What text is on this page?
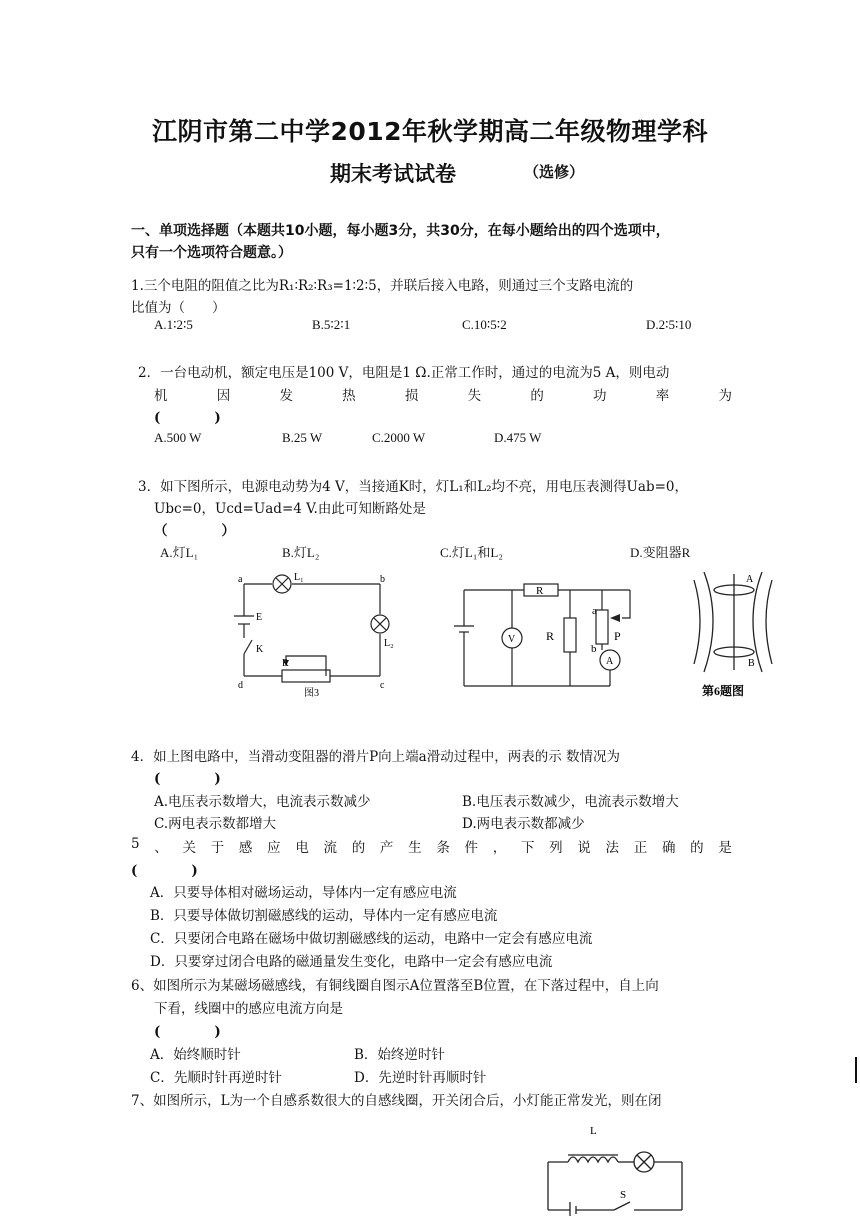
江阴市第二中学2012年秋学期高二年级物理学科
期末考试试卷	（选修）
一、单项选择题（本题共10小题，每小题3分，共30分，在每小题给出的四个选项中，
只有一个选项符合题意。）
1.三个电阻的阻值之比为R₁∶R₂∶R₃=1∶2∶5，并联后接入电路，则通过三个支路电流的
比值为（　　）
A.1∶2∶5	B.5∶2∶1	C.10∶5∶2	D.2∶5∶10
2．一台电动机，额定电压是100 V，电阻是1 Ω.正常工作时，通过的电流为5 A，则电动
机	因	发	热	损	失	的	功	率	为
(　　　　)
A.500 W	B.25 W	C.2000 W	D.475 W
3．如下图所示，电源电动势为4 V，当接通K时，灯L₁和L₂均不亮，用电压表测得Uab=0，
Ubc=0，Ucd=Uad=4 V.由此可知断路处是
（　　　　）
A.灯L₁	B.灯L₂	C.灯L₁和L₂	D.变阻器R
a	b
c
d
E
K
R
L₁
L₂
图3
V
R
R
a
b
P
A
A
B
第6题图
4．如上图电路中，当滑动变阻器的滑片P向上端a滑动过程中，两表的示 数情况为
(　　　　)
A.电压表示数增大，电流表示数减少	B.电压表示数减少，电流表示数增大
C.两电表示数都增大	D.两电表示数都减少
5 、 关 于 感 应 电 流 的 产 生 条 件 ， 下 列 说 法 正 确 的 是
(　　　　)
A．只要导体相对磁场运动，导体内一定有感应电流
B．只要导体做切割磁感线的运动，导体内一定有感应电流
C．只要闭合电路在磁场中做切割磁感线的运动，电路中一定会有感应电流
D．只要穿过闭合电路的磁通量发生变化，电路中一定会有感应电流
6、如图所示为某磁场磁感线，有铜线圈自图示A位置落至B位置，在下落过程中，自上向
下看，线圈中的感应电流方向是
(　　　　)
A．始终顺时针	B．始终逆时针
C．先顺时针再逆时针	D．先逆时针再顺时针
7、如图所示，L为一个自感系数很大的自感线圈，开关闭合后，小灯能正常发光，则在闭
L
S
